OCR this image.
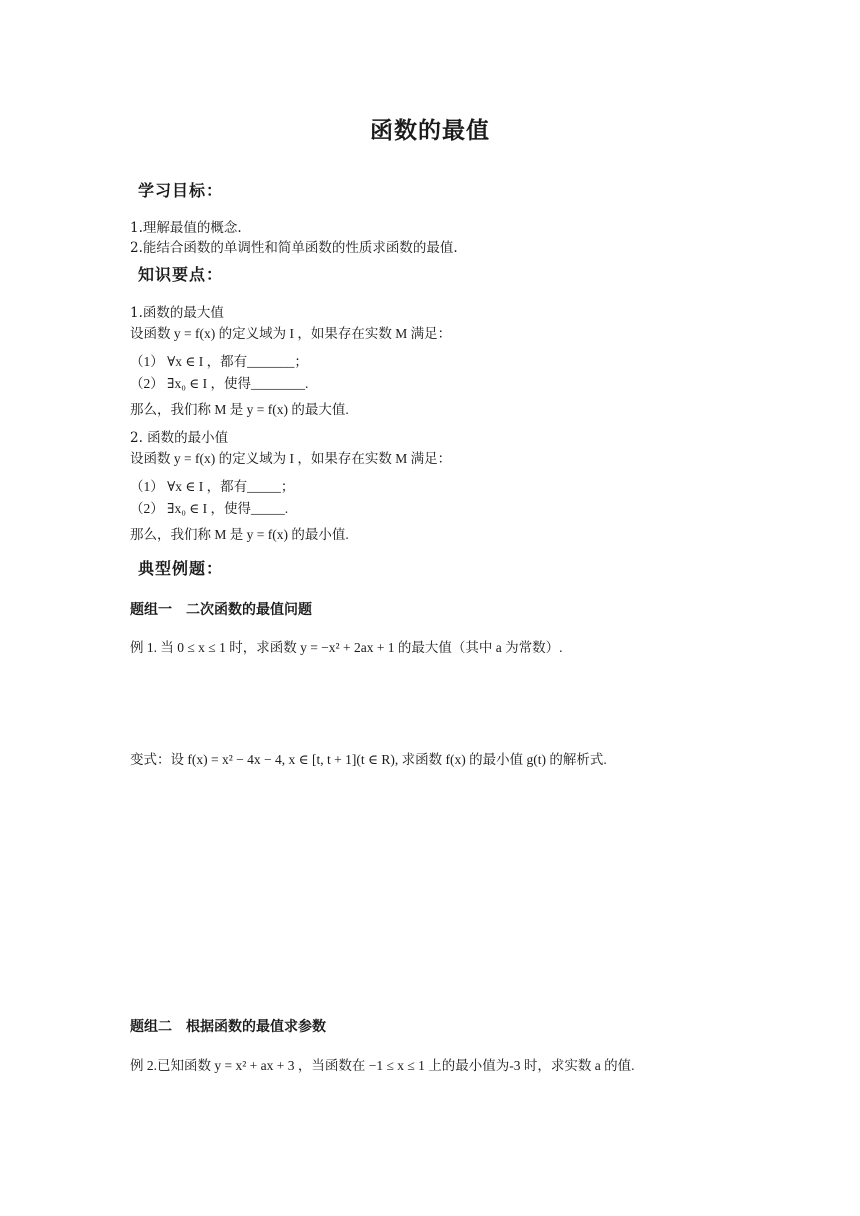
函数的最值
学习目标：
1.理解最值的概念.
2.能结合函数的单调性和简单函数的性质求函数的最值.
知识要点：
1.函数的最大值
设函数 y = f(x) 的定义域为 I ，如果存在实数 M 满足：
（1） ∀x ∈ I ，都有_______；
（2） ∃x₀ ∈ I ，使得________.
那么，我们称 M 是 y = f(x) 的最大值.
2. 函数的最小值
设函数 y = f(x) 的定义域为 I ，如果存在实数 M 满足：
（1） ∀x ∈ I ，都有_____；
（2） ∃x₀ ∈ I ，使得_____.
那么，我们称 M 是 y = f(x) 的最小值.
典型例题：
题组一　二次函数的最值问题
例 1. 当 0 ≤ x ≤ 1 时，求函数 y = −x² + 2ax + 1 的最大值（其中 a 为常数）.
变式：设 f(x) = x² − 4x − 4, x ∈ [t, t + 1](t ∈ R), 求函数 f(x) 的最小值 g(t) 的解析式.
题组二　根据函数的最值求参数
例 2.已知函数 y = x² + ax + 3 ，当函数在 −1 ≤ x ≤ 1 上的最小值为-3 时，求实数 a 的值.
